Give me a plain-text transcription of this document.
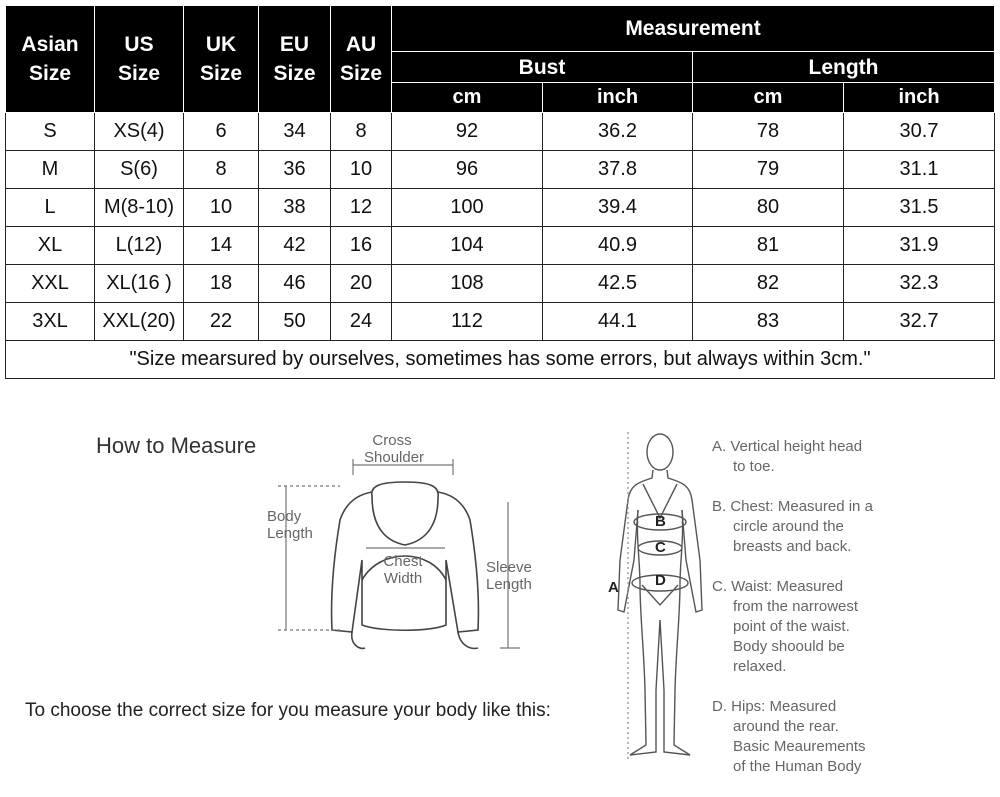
Asian
Size	US
Size	UK
Size	EU
Size	AU
Size	Measurement			
					Bust		Length	
					cm	inch	cm	inch
S	XS(4)	6	34	8	92	36.2	78	30.7
M	S(6)	8	36	10	96	37.8	79	31.1
L	M(8-10)	10	38	12	100	39.4	80	31.5
XL	L(12)	14	42	16	104	40.9	81	31.9
XXL	XL(16 )	18	46	20	108	42.5	82	32.3
3XL	XXL(20)	22	50	24	112	44.1	83	32.7
"Size mearsured by ourselves, sometimes has some errors, but always within 3cm."								
How to Measure	Cross
Shoulder
Body
Length
Chest
Width
Sleeve
Length	A
B
C
D
A. Vertical height head
to toe.
B. Chest: Measured in a
circle around the
breasts and back.
C. Waist: Measured
from the narrowest
point of the waist.
Body shoould be
relaxed.
D. Hips: Measured
around the rear.
Basic Meaurements
of the Human Body
To choose the correct size for you measure your body like this:
